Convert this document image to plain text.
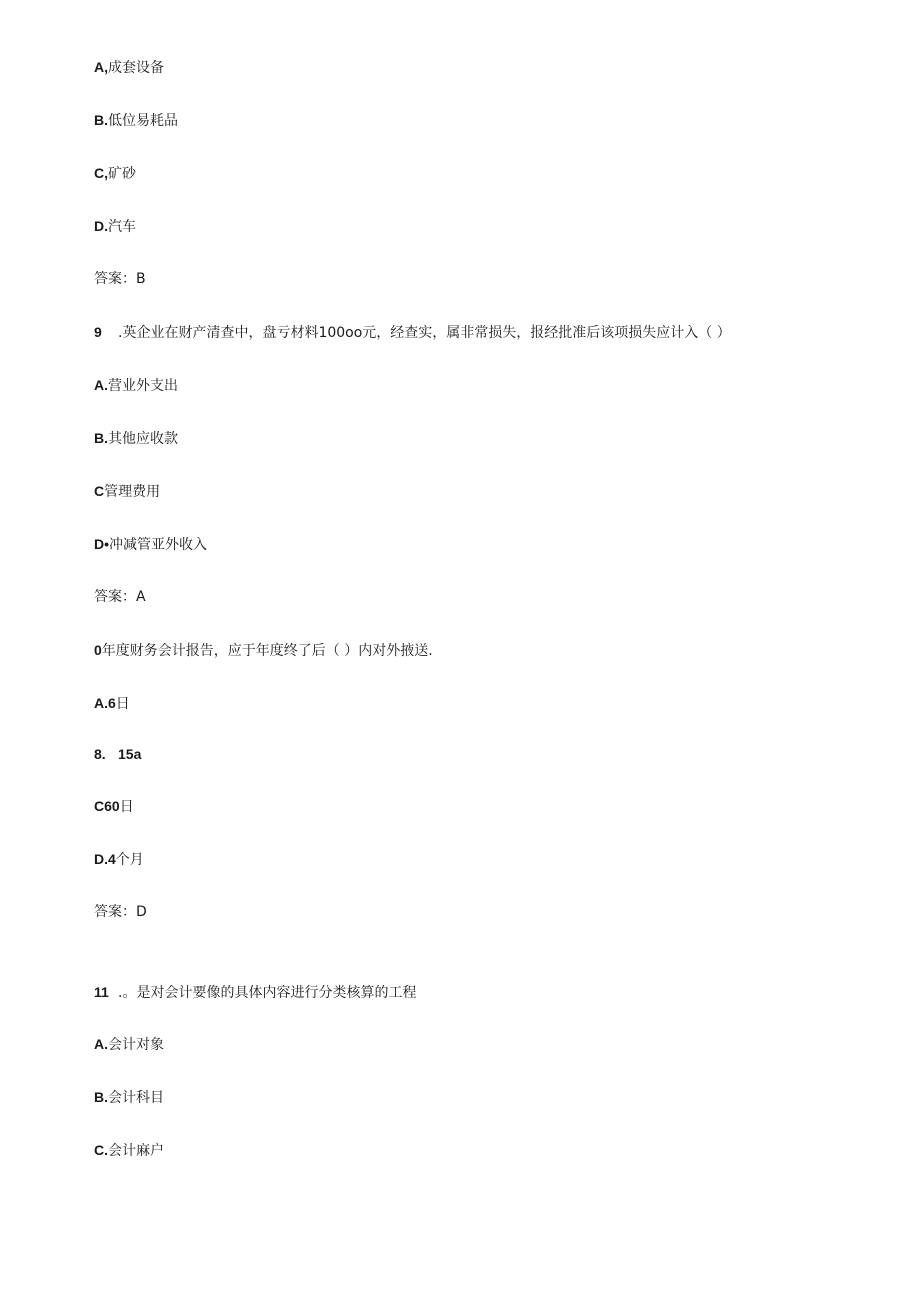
A,成套设备
B.低位易耗品
C,矿砂
D.汽车
答案：B
9 .英企业在财产清查中，盘亏材料100oo元，经查实，属非常损失，报经批准后该项损失应计入（ ）
A.营业外支出
B.其他应收款
C管理费用
D•冲减管亚外收入
答案：A
0年度财务会计报告，应于年度终了后（ ）内对外掖送.
A.6日
8. 15a
C60日
D.4个月
答案：D
11 .。是对会计要像的具体内容进行分类核算的工程
A.会计对象
B.会计科目
C.会计麻户
